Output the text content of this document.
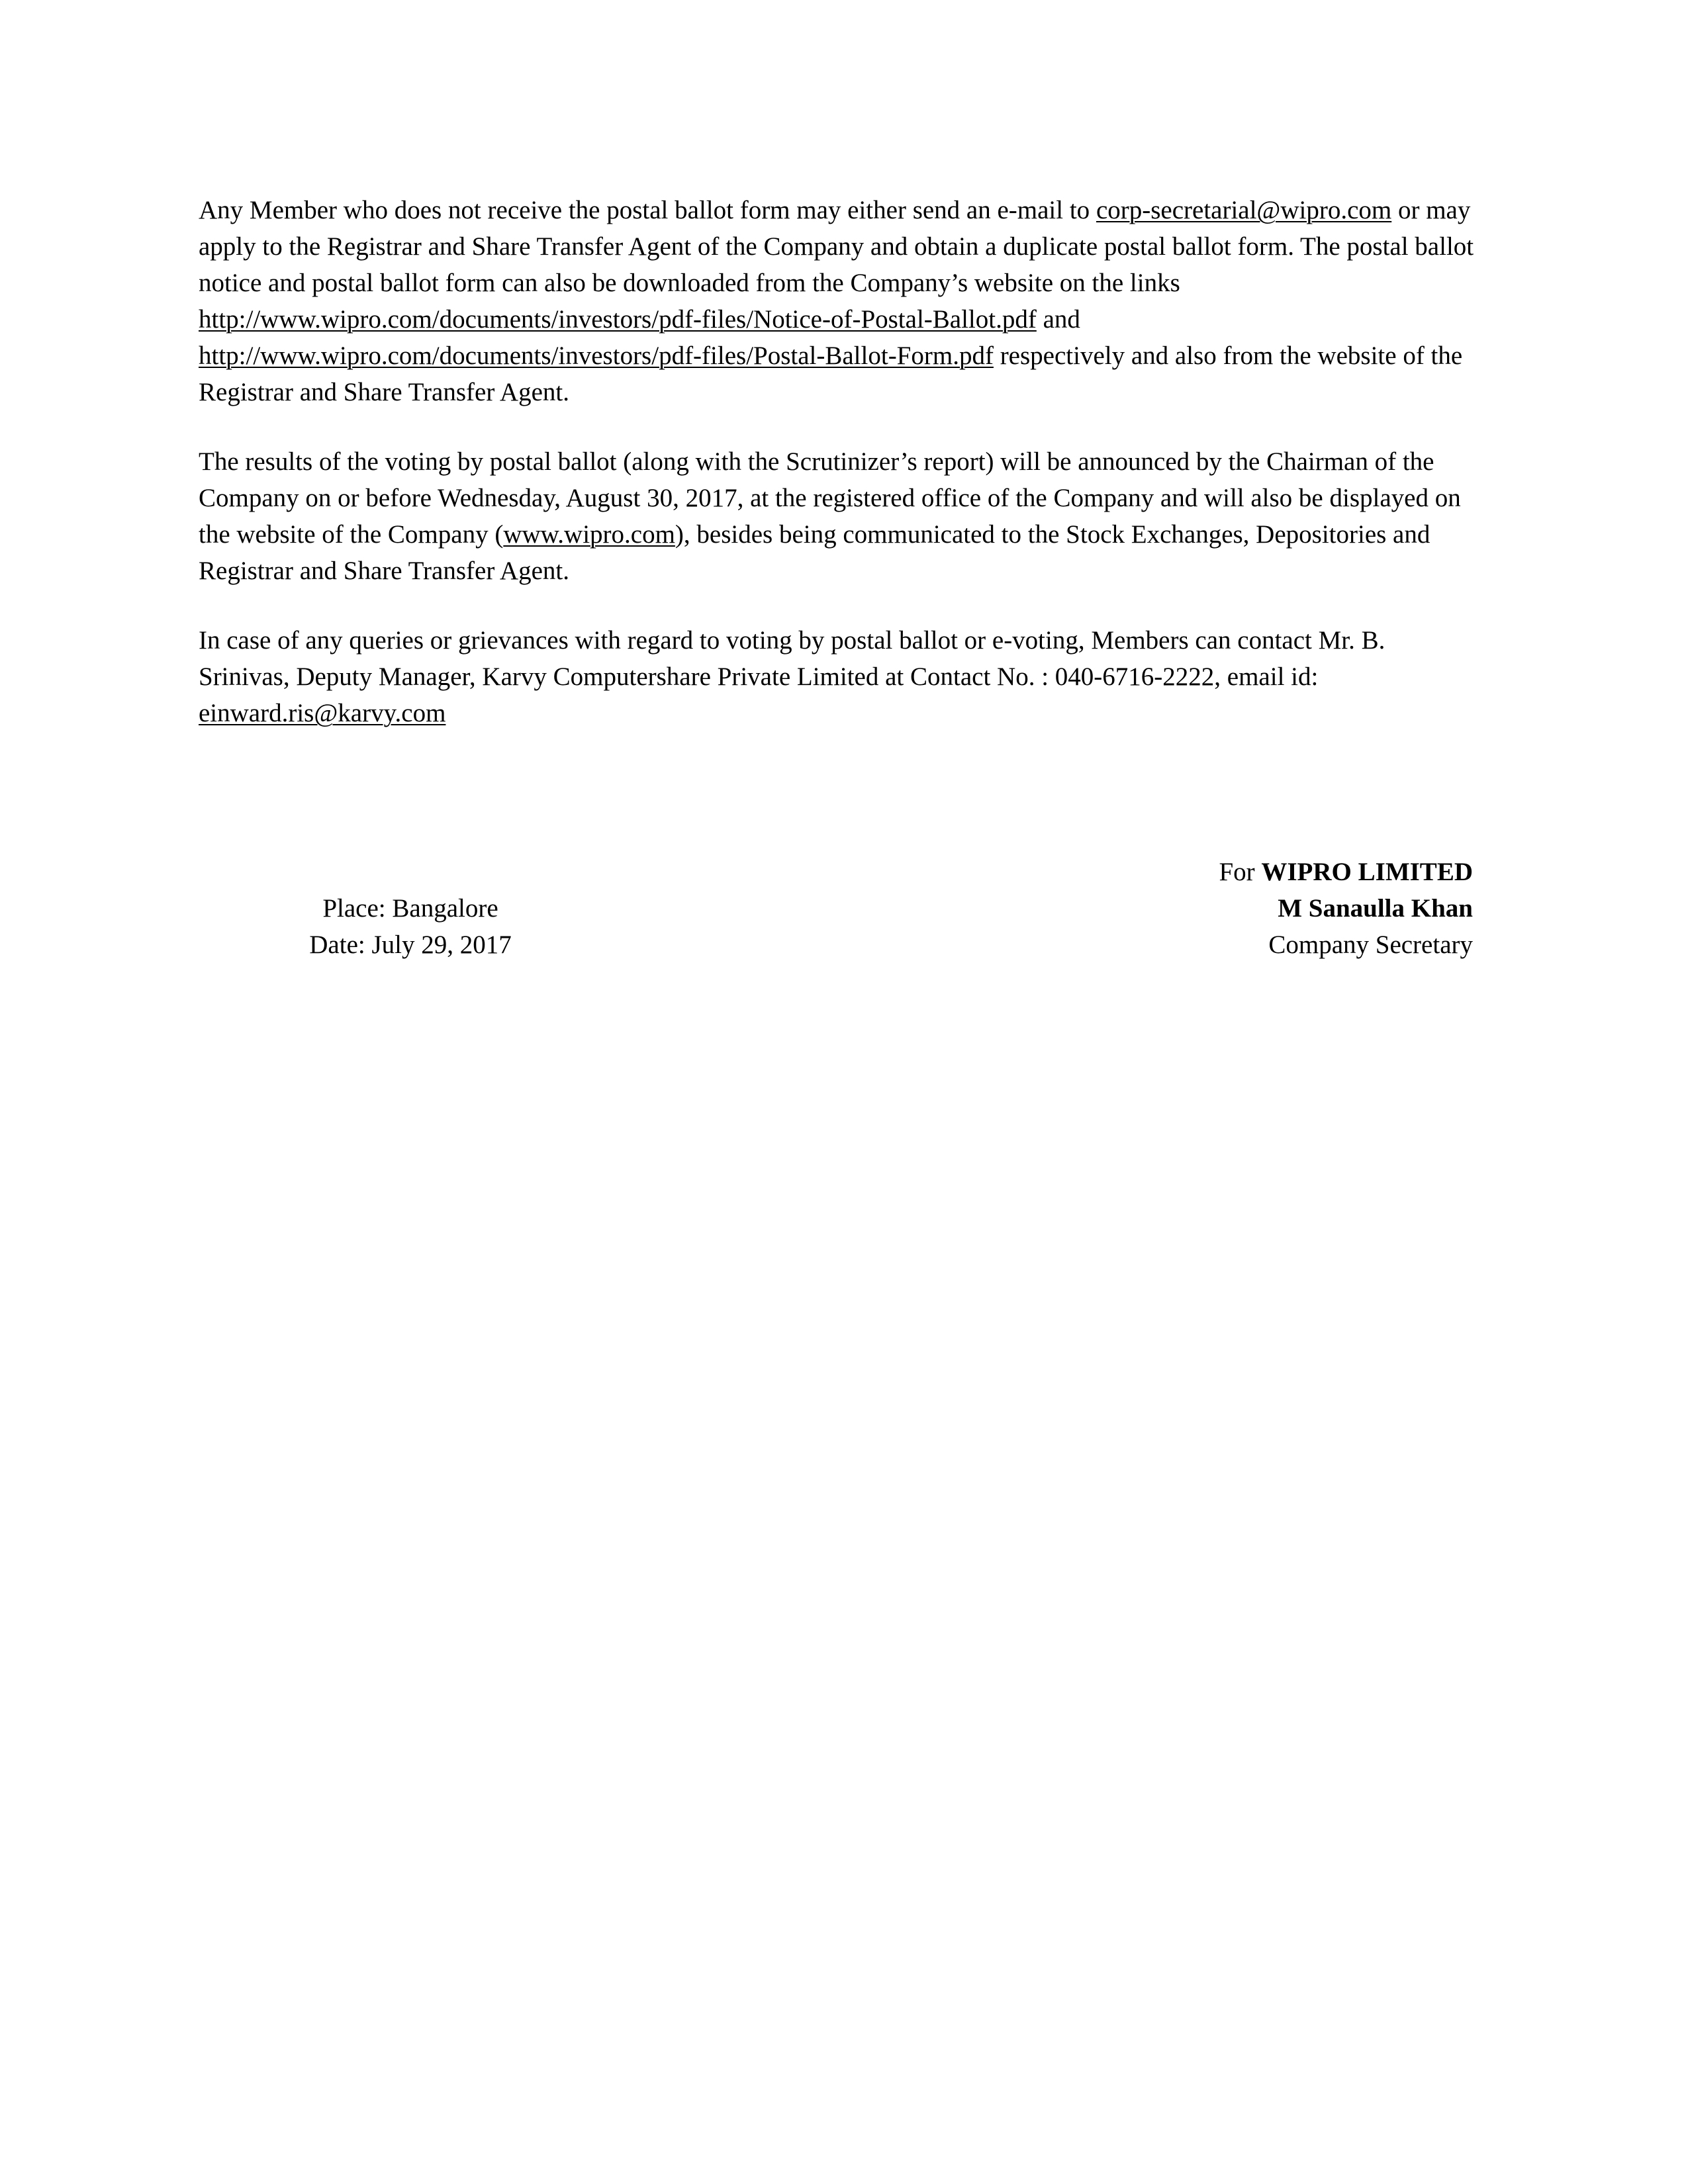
Any Member who does not receive the postal ballot form may either send an e-mail to corp-secretarial@wipro.com or may apply to the Registrar and Share Transfer Agent of the Company and obtain a duplicate postal ballot form. The postal ballot notice and postal ballot form can also be downloaded from the Company’s website on the links
http://www.wipro.com/documents/investors/pdf-files/Notice-of-Postal-Ballot.pdf and
http://www.wipro.com/documents/investors/pdf-files/Postal-Ballot-Form.pdf respectively and also from the website of the Registrar and Share Transfer Agent.

The results of the voting by postal ballot (along with the Scrutinizer’s report) will be announced by the Chairman of the Company on or before Wednesday, August 30, 2017, at the registered office of the Company and will also be displayed on the website of the Company (www.wipro.com), besides being communicated to the Stock Exchanges, Depositories and Registrar and Share Transfer Agent.

In case of any queries or grievances with regard to voting by postal ballot or e-voting, Members can contact Mr. B. Srinivas, Deputy Manager, Karvy Computershare Private Limited at Contact No. : 040-6716-2222, email id:
einward.ris@karvy.com

Place: Bangalore
Date: July 29, 2017
For WIPRO LIMITED
M Sanaulla Khan
Company Secretary
